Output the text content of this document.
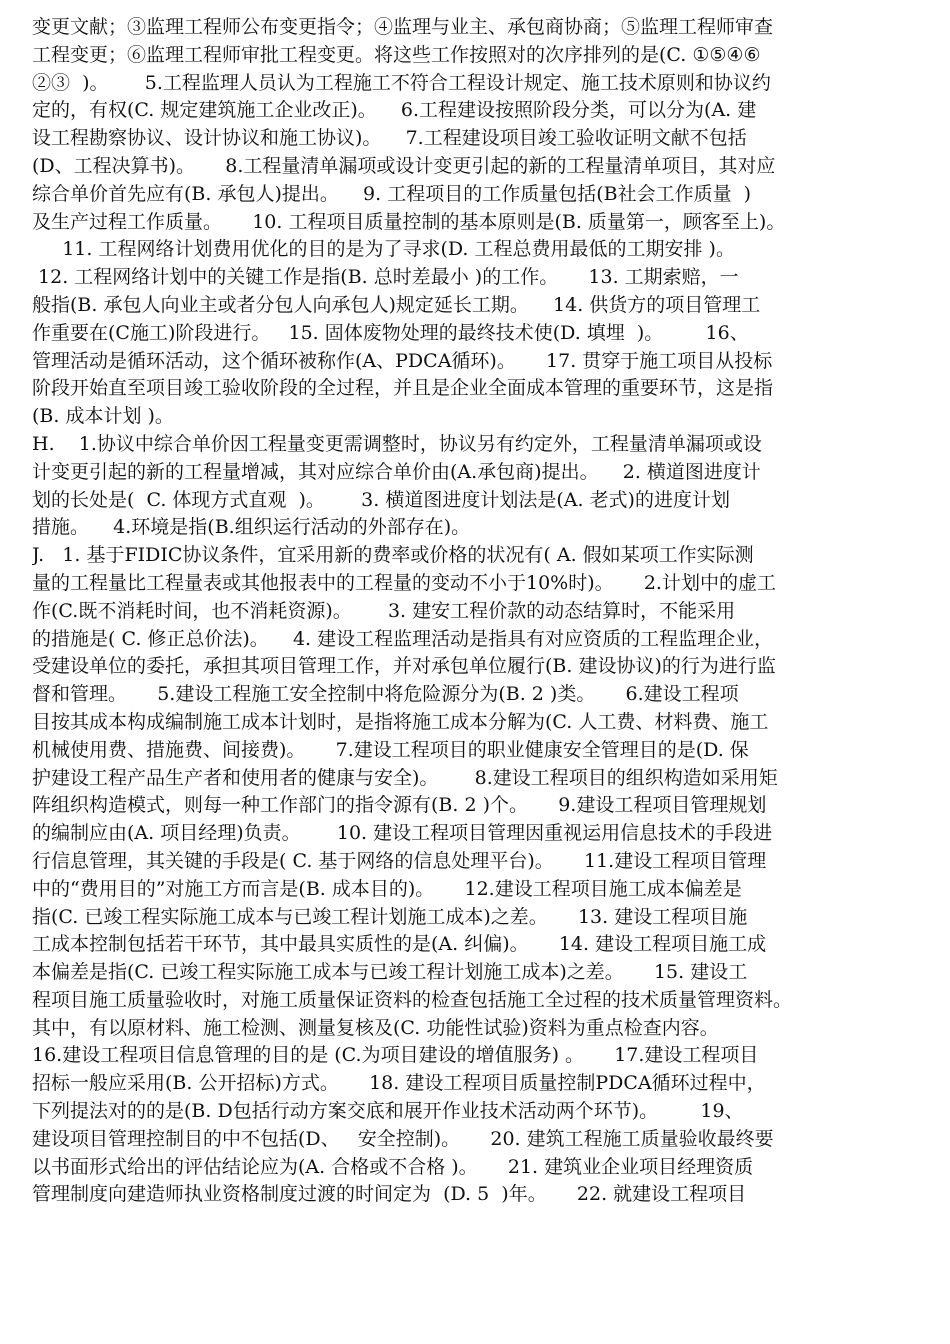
变更文献；③监理工程师公布变更指令；④监理与业主、承包商协商；⑤监理工程师审查
工程变更；⑥监理工程师审批工程变更。将这些工作按照对的次序排列的是(C. ①⑤④⑥
②③  )。      5.工程监理人员认为工程施工不符合工程设计规定、施工技术原则和协议约
定的，有权(C. 规定建筑施工企业改正)。    6.工程建设按照阶段分类，可以分为(A. 建
设工程勘察协议、设计协议和施工协议)。    7.工程建设项目竣工验收证明文献不包括
(D、工程决算书)。     8.工程量清单漏项或设计变更引起的新的工程量清单项目，其对应
综合单价首先应有(B. 承包人)提出。    9. 工程项目的工作质量包括(B社会工作质量  )
及生产过程工作质量。     10. 工程项目质量控制的基本原则是(B. 质量第一，顾客至上)。
11. 工程网络计划费用优化的目的是为了寻求(D. 工程总费用最低的工期安排 )。
12. 工程网络计划中的关键工作是指(B. 总时差最小 )的工作。     13. 工期索赔，一
般指(B. 承包人向业主或者分包人向承包人)规定延长工期。    14. 供货方的项目管理工
作重要在(C施工)阶段进行。   15. 固体废物处理的最终技术使(D. 填埋  )。       16、
管理活动是循环活动，这个循环被称作(A、PDCA循环)。     17. 贯穿于施工项目从投标
阶段开始直至项目竣工验收阶段的全过程，并且是企业全面成本管理的重要环节，这是指
(B. 成本计划 )。
H.    1.协议中综合单价因工程量变更需调整时，协议另有约定外，工程量清单漏项或设
计变更引起的新的工程量增减，其对应综合单价由(A.承包商)提出。    2. 横道图进度计
划的长处是(  C. 体现方式直观  )。      3. 横道图进度计划法是(A. 老式)的进度计划
措施。    4.环境是指(B.组织运行活动的外部存在)。
J.   1. 基于FIDIC协议条件，宜采用新的费率或价格的状况有( A. 假如某项工作实际测
量的工程量比工程量表或其他报表中的工程量的变动不小于10%时)。     2.计划中的虚工
作(C.既不消耗时间，也不消耗资源)。      3. 建安工程价款的动态结算时，不能采用
的措施是( C. 修正总价法)。    4. 建设工程监理活动是指具有对应资质的工程监理企业，
受建设单位的委托，承担其项目管理工作，并对承包单位履行(B. 建设协议)的行为进行监
督和管理。     5.建设工程施工安全控制中将危险源分为(B. 2 )类。     6.建设工程项
目按其成本构成编制施工成本计划时，是指将施工成本分解为(C. 人工费、材料费、施工
机械使用费、措施费、间接费)。     7.建设工程项目的职业健康安全管理目的是(D. 保
护建设工程产品生产者和使用者的健康与安全)。      8.建设工程项目的组织构造如采用矩
阵组织构造模式，则每一种工作部门的指令源有(B. 2 )个。     9.建设工程项目管理规划
的编制应由(A. 项目经理)负责。      10. 建设工程项目管理因重视运用信息技术的手段进
行信息管理，其关键的手段是( C. 基于网络的信息处理平台)。     11.建设工程项目管理
中的“费用目的”对施工方而言是(B. 成本目的)。     12.建设工程项目施工成本偏差是
指(C. 已竣工程实际施工成本与已竣工程计划施工成本)之差。     13. 建设工程项目施
工成本控制包括若干环节，其中最具实质性的是(A. 纠偏)。     14. 建设工程项目施工成
本偏差是指(C. 已竣工程实际施工成本与已竣工程计划施工成本)之差。     15. 建设工
程项目施工质量验收时，对施工质量保证资料的检查包括施工全过程的技术质量管理资料。
其中，有以原材料、施工检测、测量复核及(C. 功能性试验)资料为重点检查内容。
16.建设工程项目信息管理的目的是 (C.为项目建设的增值服务) 。     17.建设工程项目
招标一般应采用(B. 公开招标)方式。     18. 建设工程项目质量控制PDCA循环过程中，
下列提法对的的是(B. D包括行动方案交底和展开作业技术活动两个环节)。       19、
建设项目管理控制目的中不包括(D、   安全控制)。     20. 建筑工程施工质量验收最终要
以书面形式给出的评估结论应为(A. 合格或不合格 )。     21. 建筑业企业项目经理资质
管理制度向建造师执业资格制度过渡的时间定为  (D. 5  )年。     22. 就建设工程项目
